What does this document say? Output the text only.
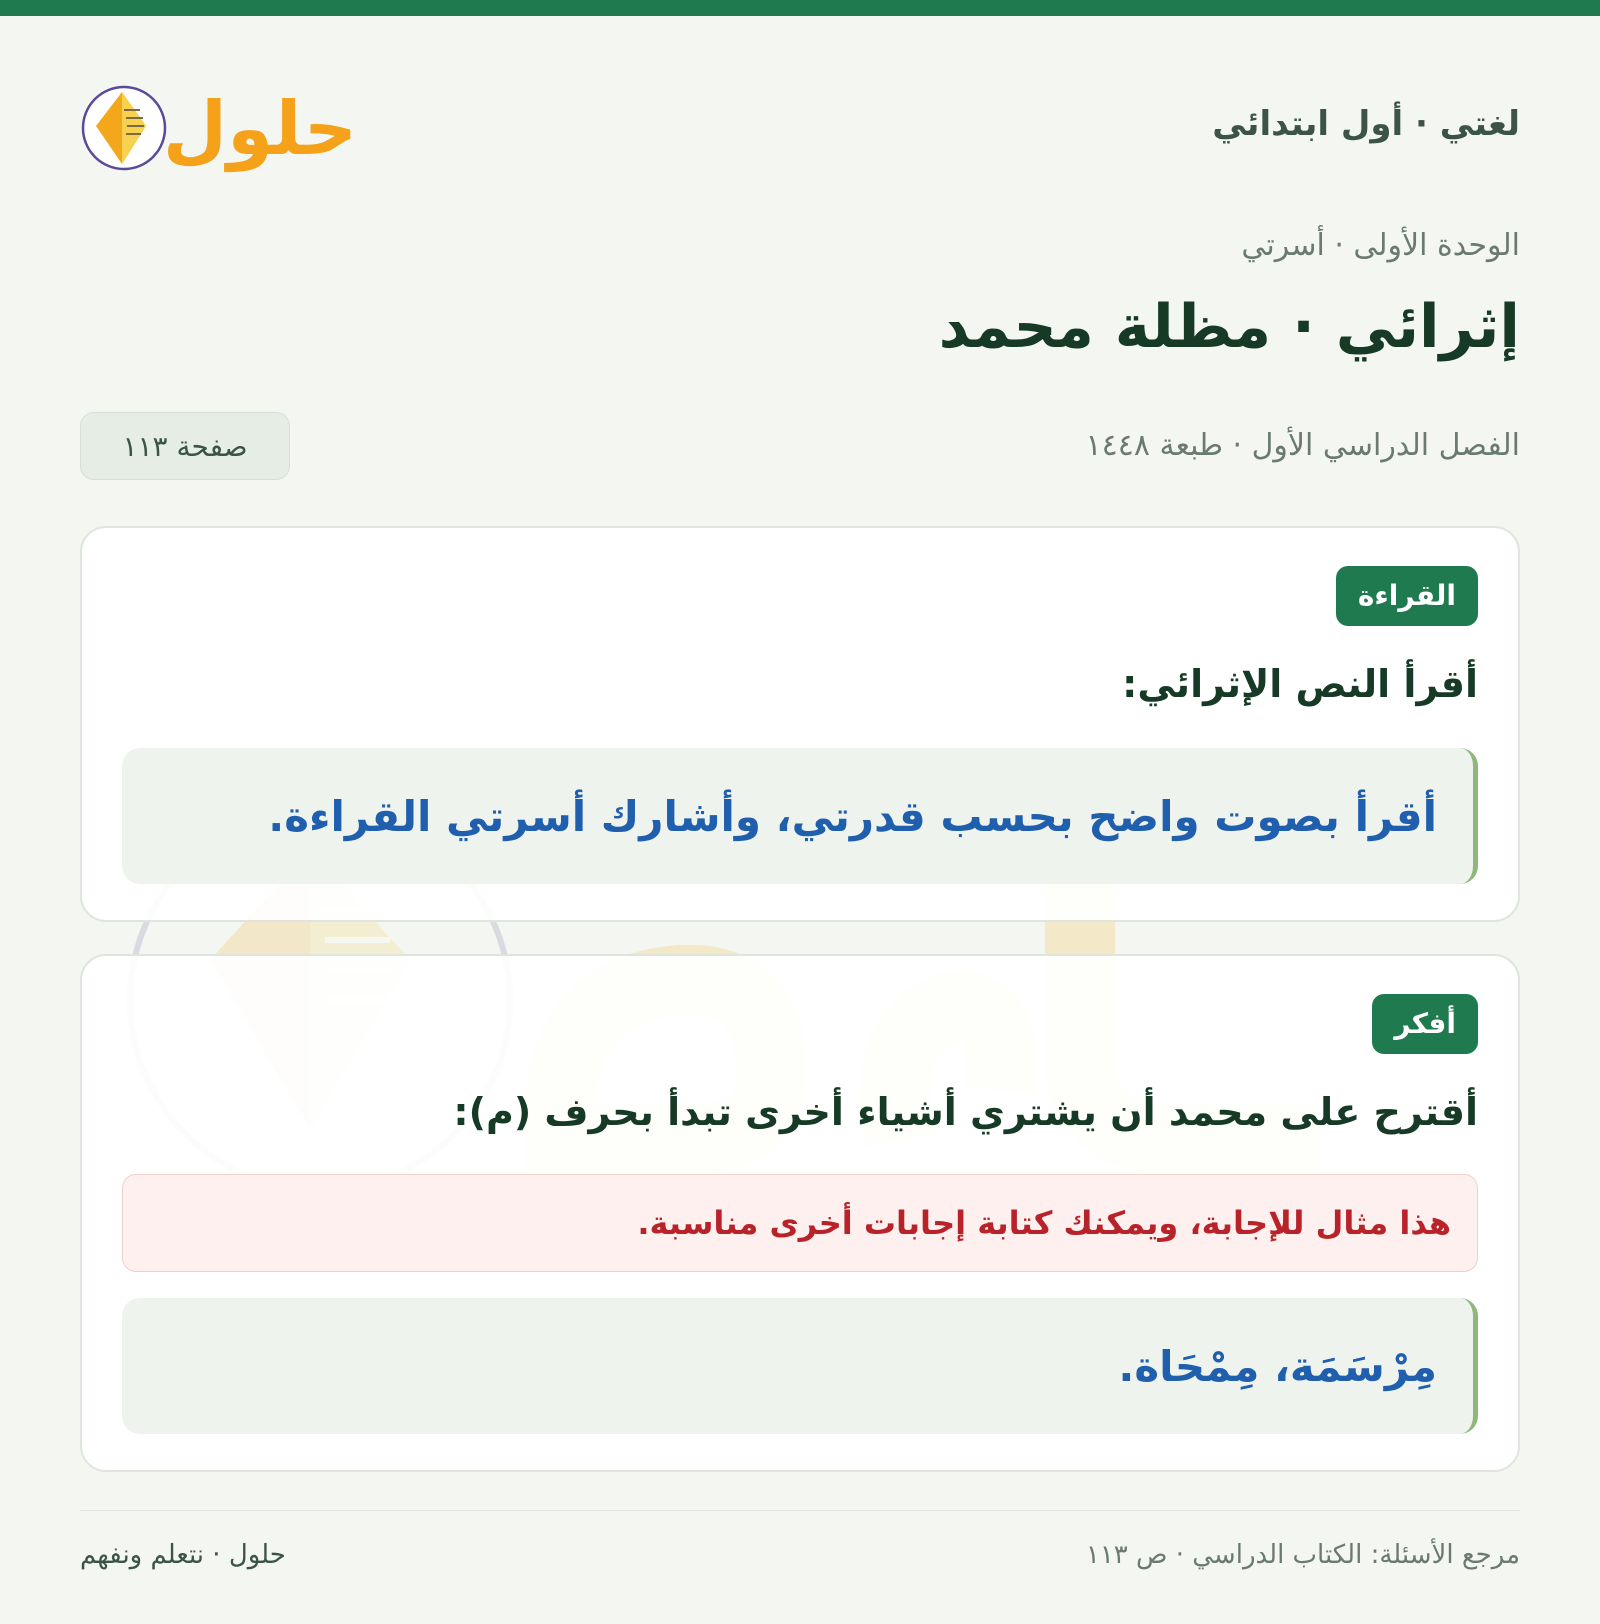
لغتي · أول ابتدائي
حلول
الوحدة الأولى · أسرتي
إثرائي · مظلة محمد
الفصل الدراسي الأول · طبعة ١٤٤٨
صفحة ١١٣
القراءة
أقرأ النص الإثرائي:
أقرأ بصوت واضح بحسب قدرتي، وأشارك أسرتي القراءة.
أفكر
أقترح على محمد أن يشتري أشياء أخرى تبدأ بحرف (م):
هذا مثال للإجابة، ويمكنك كتابة إجابات أخرى مناسبة.
مِرْسَمَة، مِمْحَاة.
مرجع الأسئلة: الكتاب الدراسي · ص ١١٣
حلول · نتعلم ونفهم
